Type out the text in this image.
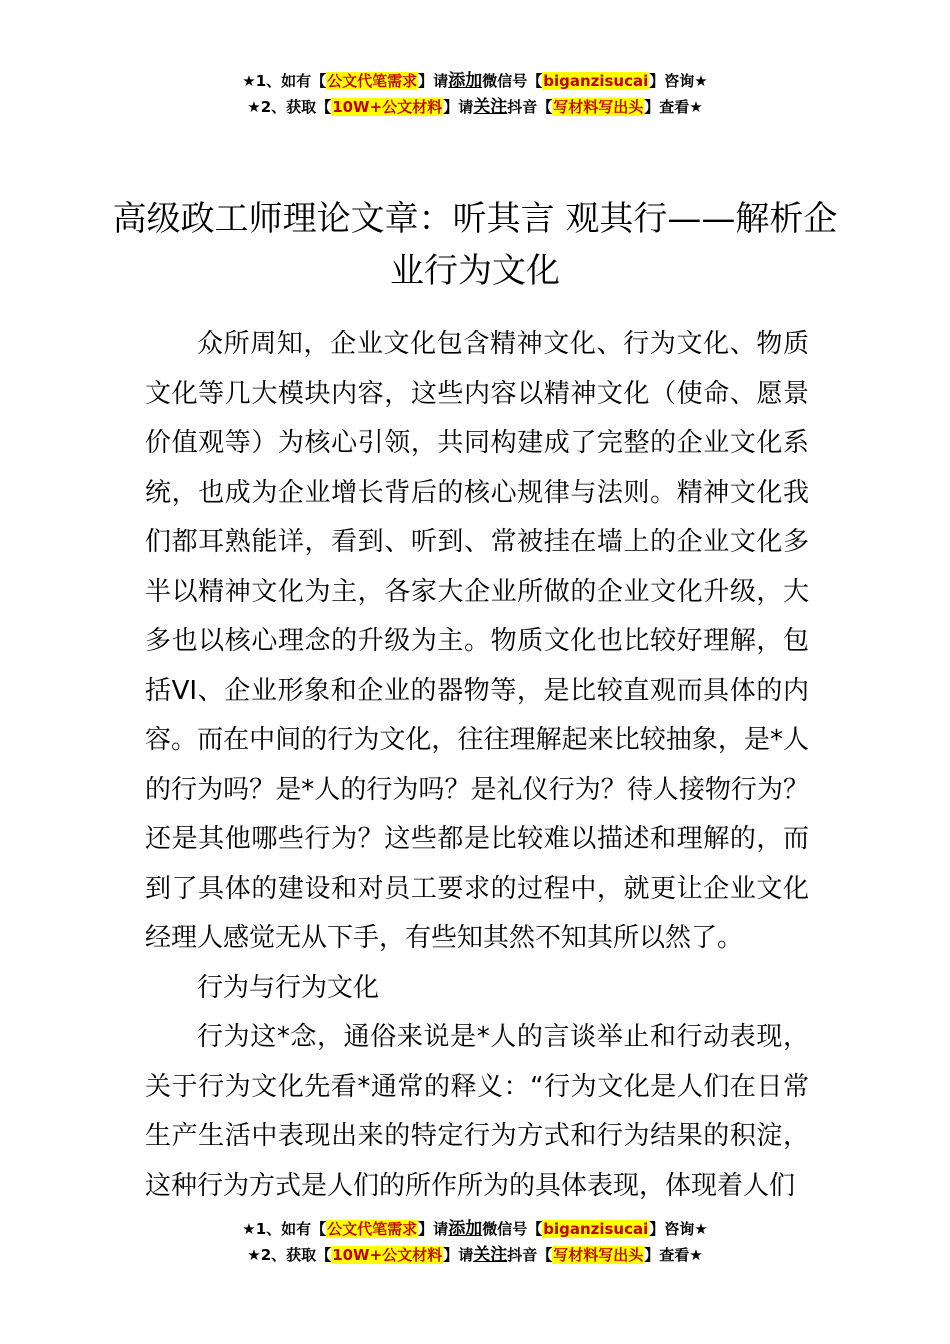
★1、如有【公文代笔需求】请添加微信号【biganzisucai】咨询★
★2、获取【10W+公文材料】请关注抖音【写材料写出头】查看★
高级政工师理论文章：听其言 观其行——解析企业行为文化

众所周知，企业文化包含精神文化、行为文化、物质文化等几大模块内容，这些内容以精神文化（使命、愿景价值观等）为核心引领，共同构建成了完整的企业文化系统，也成为企业增长背后的核心规律与法则。精神文化我们都耳熟能详，看到、听到、常被挂在墙上的企业文化多半以精神文化为主，各家大企业所做的企业文化升级，大多也以核心理念的升级为主。物质文化也比较好理解，包括VI、企业形象和企业的器物等，是比较直观而具体的内容。而在中间的行为文化，往往理解起来比较抽象，是*人的行为吗？是*人的行为吗？是礼仪行为？待人接物行为？还是其他哪些行为？这些都是比较难以描述和理解的，而到了具体的建设和对员工要求的过程中，就更让企业文化经理人感觉无从下手，有些知其然不知其所以然了。

行为与行为文化

行为这*念，通俗来说是*人的言谈举止和行动表现，关于行为文化先看*通常的释义：“行为文化是人们在日常生产生活中表现出来的特定行为方式和行为结果的积淀，这种行为方式是人们的所作所为的具体表现，体现着人们

★1、如有【公文代笔需求】请添加微信号【biganzisucai】咨询★
★2、获取【10W+公文材料】请关注抖音【写材料写出头】查看★
